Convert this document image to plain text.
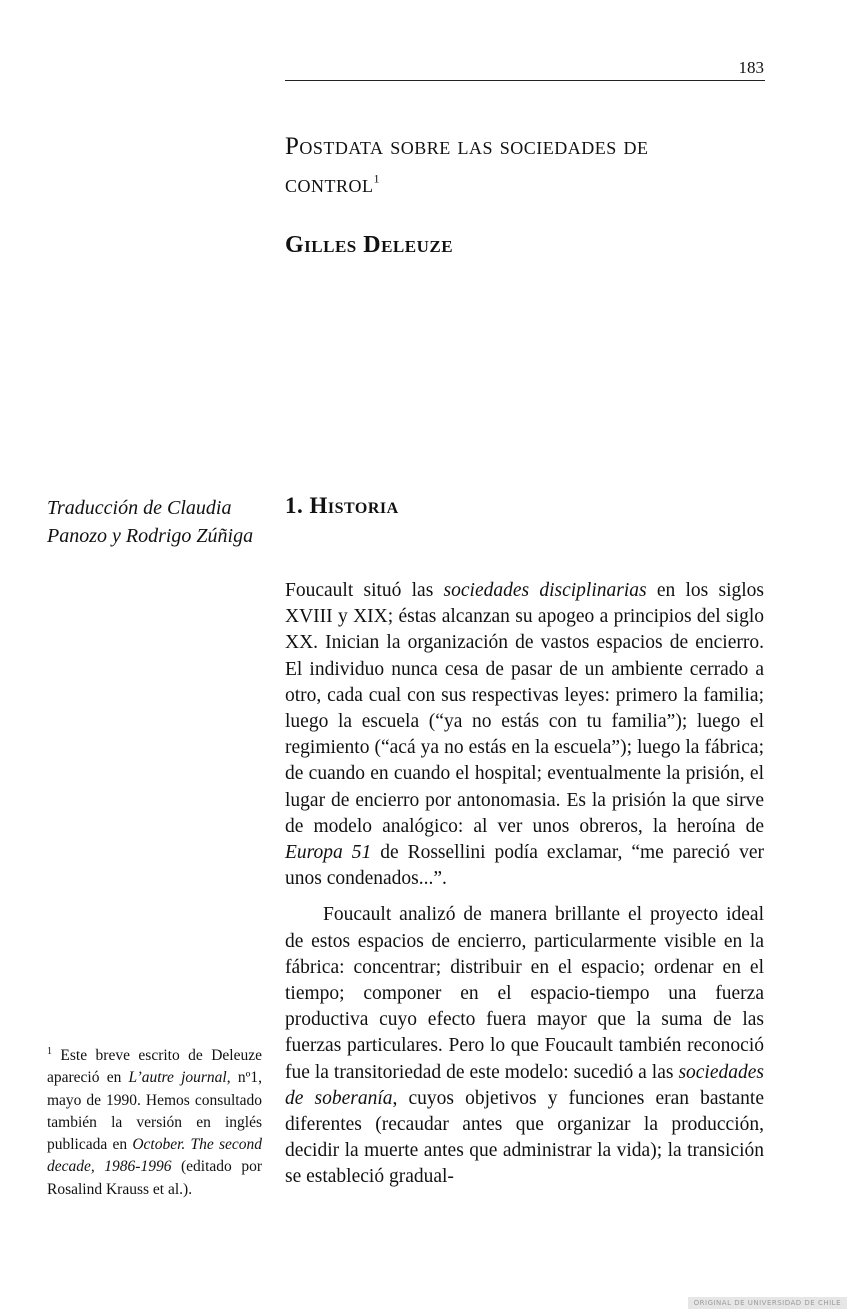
183
Postdata sobre las sociedades de
control$^1$
Gilles Deleuze
Traducción de Claudia
Panozo y Rodrigo Zúñiga
1. Historia

Foucault situó las sociedades disciplinarias en los siglos XVIII y XIX; éstas alcanzan su apogeo a principios del siglo XX. Inician la organización de vastos espacios de encierro. El individuo nunca cesa de pasar de un ambiente cerrado a otro, cada cual con sus respectivas leyes: primero la familia; luego la escuela (“ya no estás con tu familia”); luego el regimiento (“acá ya no estás en la escuela”); luego la fábrica; de cuando en cuando el hospital; eventualmente la prisión, el lugar de encierro por antonomasia. Es la prisión la que sirve de modelo analógico: al ver unos obreros, la heroína de Europa 51 de Rossellini podía exclamar, “me pareció ver unos condenados...”.

Foucault analizó de manera brillante el proyecto ideal de estos espacios de encierro, particularmente visible en la fábrica: concentrar; distribuir en el espacio; ordenar en el tiempo; componer en el espacio-tiempo una fuerza productiva cuyo efecto fuera mayor que la suma de las fuerzas particulares. Pero lo que Foucault también reconoció fue la transitoriedad de este modelo: sucedió a las sociedades de soberanía, cuyos objetivos y funciones eran bastante diferentes (recaudar antes que organizar la producción, decidir la muerte antes que administrar la vida); la transición se estableció gradual-

$^1$ Este breve escrito de Deleuze apareció en L’autre journal, nº1, mayo de 1990. Hemos consultado también la versión en inglés publicada en October. The second decade, 1986-1996 (editado por Rosalind Krauss et al.).

ORIGINAL DE UNIVERSIDAD DE CHILE
